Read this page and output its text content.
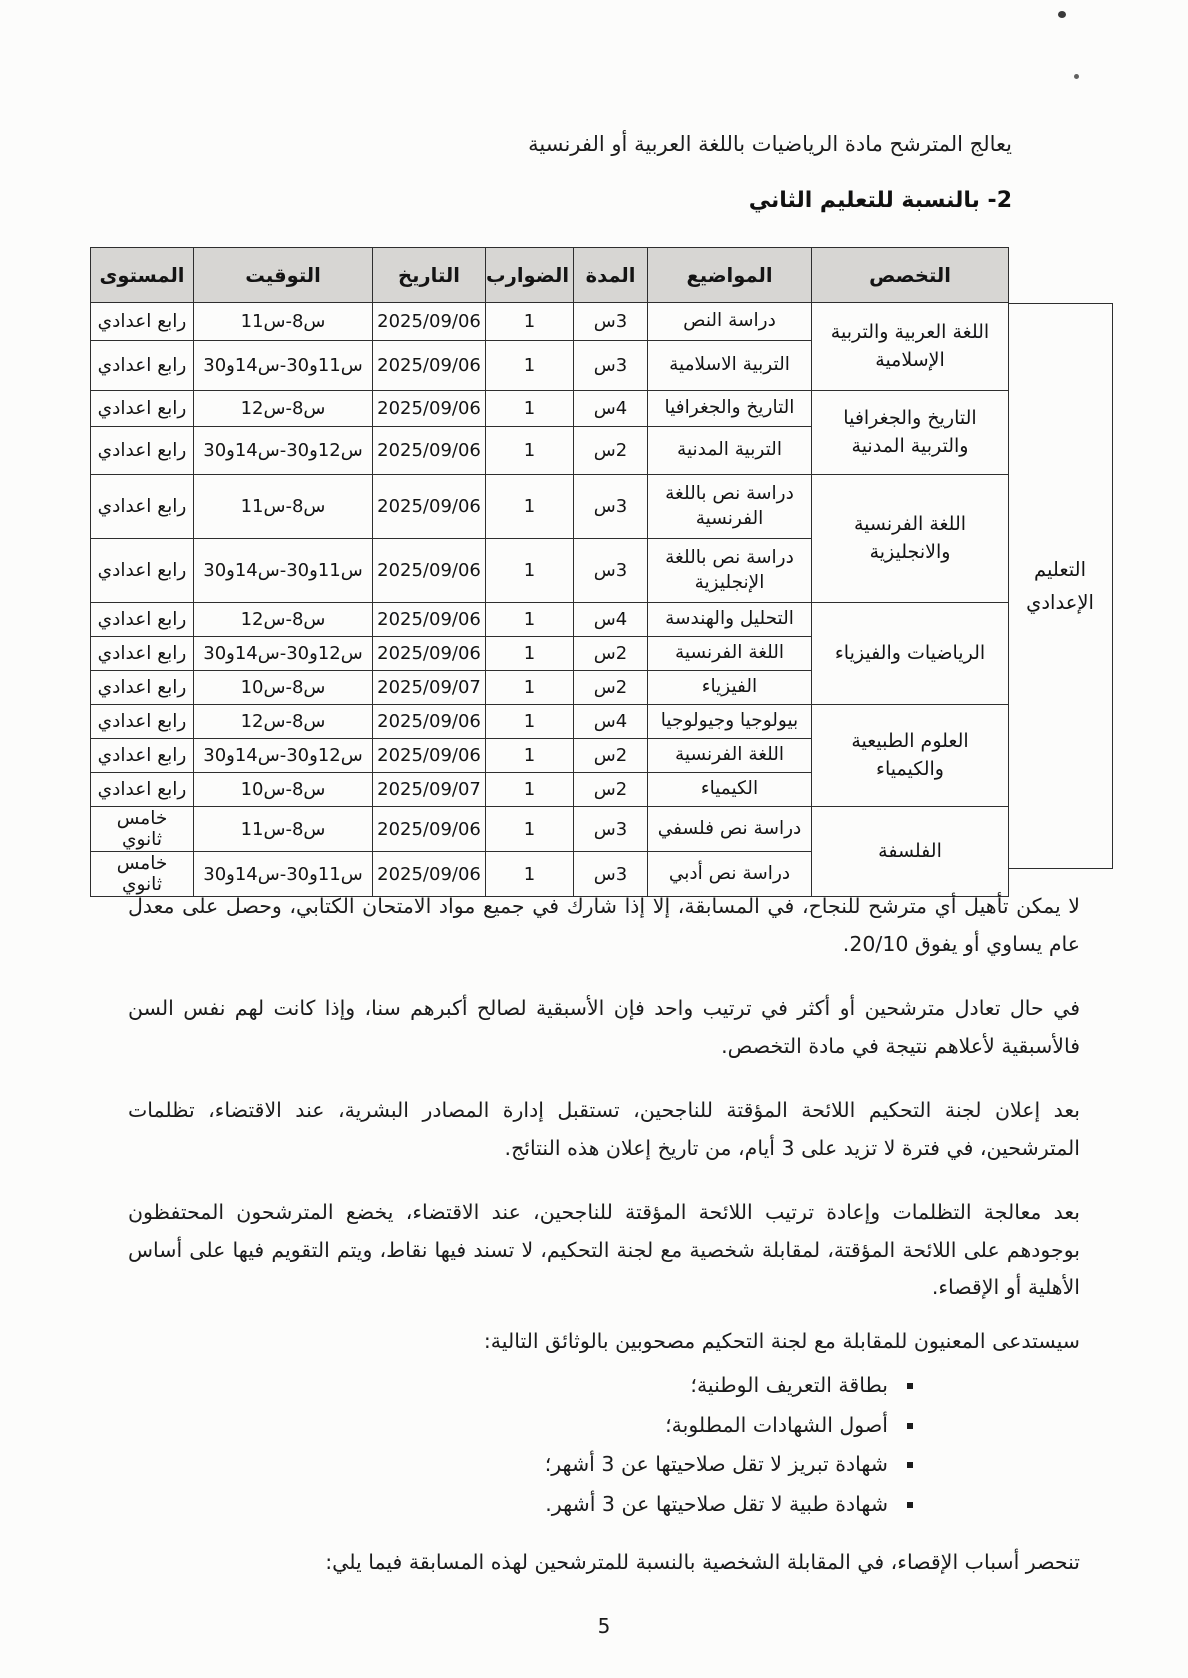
يعالج المترشح مادة الرياضيات باللغة العربية أو الفرنسية
2- بالنسبة للتعليم الثاني
التخصص	المواضيع	المدة	الضوارب	التاريخ	التوقيت	المستوى
اللغة العربية والتربية الإسلامية	دراسة النص	3س	1	2025/09/06	س8-س11	رابع اعدادي
	التربية الاسلامية	3س	1	2025/09/06	س11و30-س14و30	رابع اعدادي
التاريخ والجغرافيا والتربية المدنية	التاريخ والجغرافيا	4س	1	2025/09/06	س8-س12	رابع اعدادي
	التربية المدنية	2س	1	2025/09/06	س12و30-س14و30	رابع اعدادي
اللغة الفرنسية والانجليزية	دراسة نص باللغة الفرنسية	3س	1	2025/09/06	س8-س11	رابع اعدادي
	دراسة نص باللغة الإنجليزية	3س	1	2025/09/06	س11و30-س14و30	رابع اعدادي
الرياضيات والفيزياء	التحليل والهندسة	4س	1	2025/09/06	س8-س12	رابع اعدادي
	اللغة الفرنسية	2س	1	2025/09/06	س12و30-س14و30	رابع اعدادي
	الفيزياء	2س	1	2025/09/07	س8-س10	رابع اعدادي
العلوم الطبيعية والكيمياء	بيولوجيا وجيولوجيا	4س	1	2025/09/06	س8-س12	رابع اعدادي
	اللغة الفرنسية	2س	1	2025/09/06	س12و30-س14و30	رابع اعدادي
	الكيمياء	2س	1	2025/09/07	س8-س10	رابع اعدادي
الفلسفة	دراسة نص فلسفي	3س	1	2025/09/06	س8-س11	خامس ثانوي
	دراسة نص أدبي	3س	1	2025/09/06	س11و30-س14و30	خامس ثانوي
التعليم الإعدادي

لا يمكن تأهيل أي مترشح للنجاح، في المسابقة، إلا إذا شارك في جميع مواد الامتحان الكتابي، وحصل على معدل عام يساوي أو يفوق 20/10.

في حال تعادل مترشحين أو أكثر في ترتيب واحد فإن الأسبقية لصالح أكبرهم سنا، وإذا كانت لهم نفس السن فالأسبقية لأعلاهم نتيجة في مادة التخصص.

بعد إعلان لجنة التحكيم اللائحة المؤقتة للناجحين، تستقبل إدارة المصادر البشرية، عند الاقتضاء، تظلمات المترشحين، في فترة لا تزيد على 3 أيام، من تاريخ إعلان هذه النتائج.

بعد معالجة التظلمات وإعادة ترتيب اللائحة المؤقتة للناجحين، عند الاقتضاء، يخضع المترشحون المحتفظون بوجودهم على اللائحة المؤقتة، لمقابلة شخصية مع لجنة التحكيم، لا تسند فيها نقاط، ويتم التقويم فيها على أساس الأهلية أو الإقصاء.

سيستدعى المعنيون للمقابلة مع لجنة التحكيم مصحوبين بالوثائق التالية:

▪ بطاقة التعريف الوطنية؛
▪ أصول الشهادات المطلوبة؛
▪ شهادة تبريز لا تقل صلاحيتها عن 3 أشهر؛
▪ شهادة طبية لا تقل صلاحيتها عن 3 أشهر.

تنحصر أسباب الإقصاء، في المقابلة الشخصية بالنسبة للمترشحين لهذه المسابقة فيما يلي:

5
